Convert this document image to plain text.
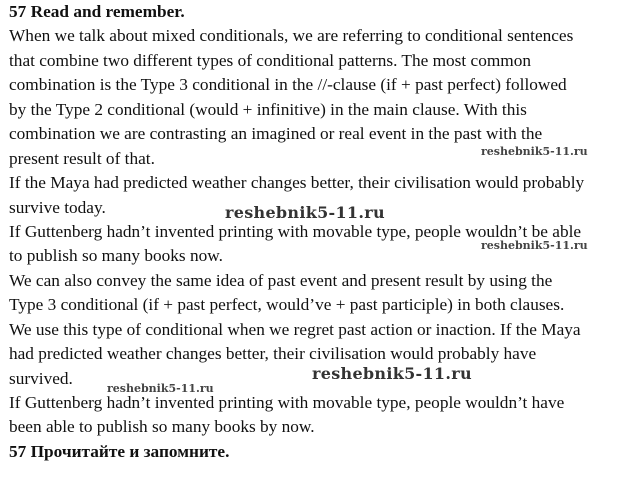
57 Read and remember.
When we talk about mixed conditionals, we are referring to conditional sentences
that combine two different types of conditional patterns. The most common
combination is the Type 3 conditional in the //-clause (if + past perfect) followed
by the Type 2 conditional (would + infinitive) in the main clause. With this
combination we are contrasting an imagined or real event in the past with the
present result of that.
If the Maya had predicted weather changes better, their civilisation would probably
survive today.
If Guttenberg hadn’t invented printing with movable type, people wouldn’t be able
to publish so many books now.
We can also convey the same idea of past event and present result by using the
Type 3 conditional (if + past perfect, would’ve + past participle) in both clauses.
We use this type of conditional when we regret past action or inaction. If the Maya
had predicted weather changes better, their civilisation would probably have
survived.
If Guttenberg hadn’t invented printing with movable type, people wouldn’t have
been able to publish so many books by now.
57 Прочитайте и запомните.
reshebnik5-11.ru
reshebnik5-11.ru
reshebnik5-11.ru
reshebnik5-11.ru
reshebnik5-11.ru
